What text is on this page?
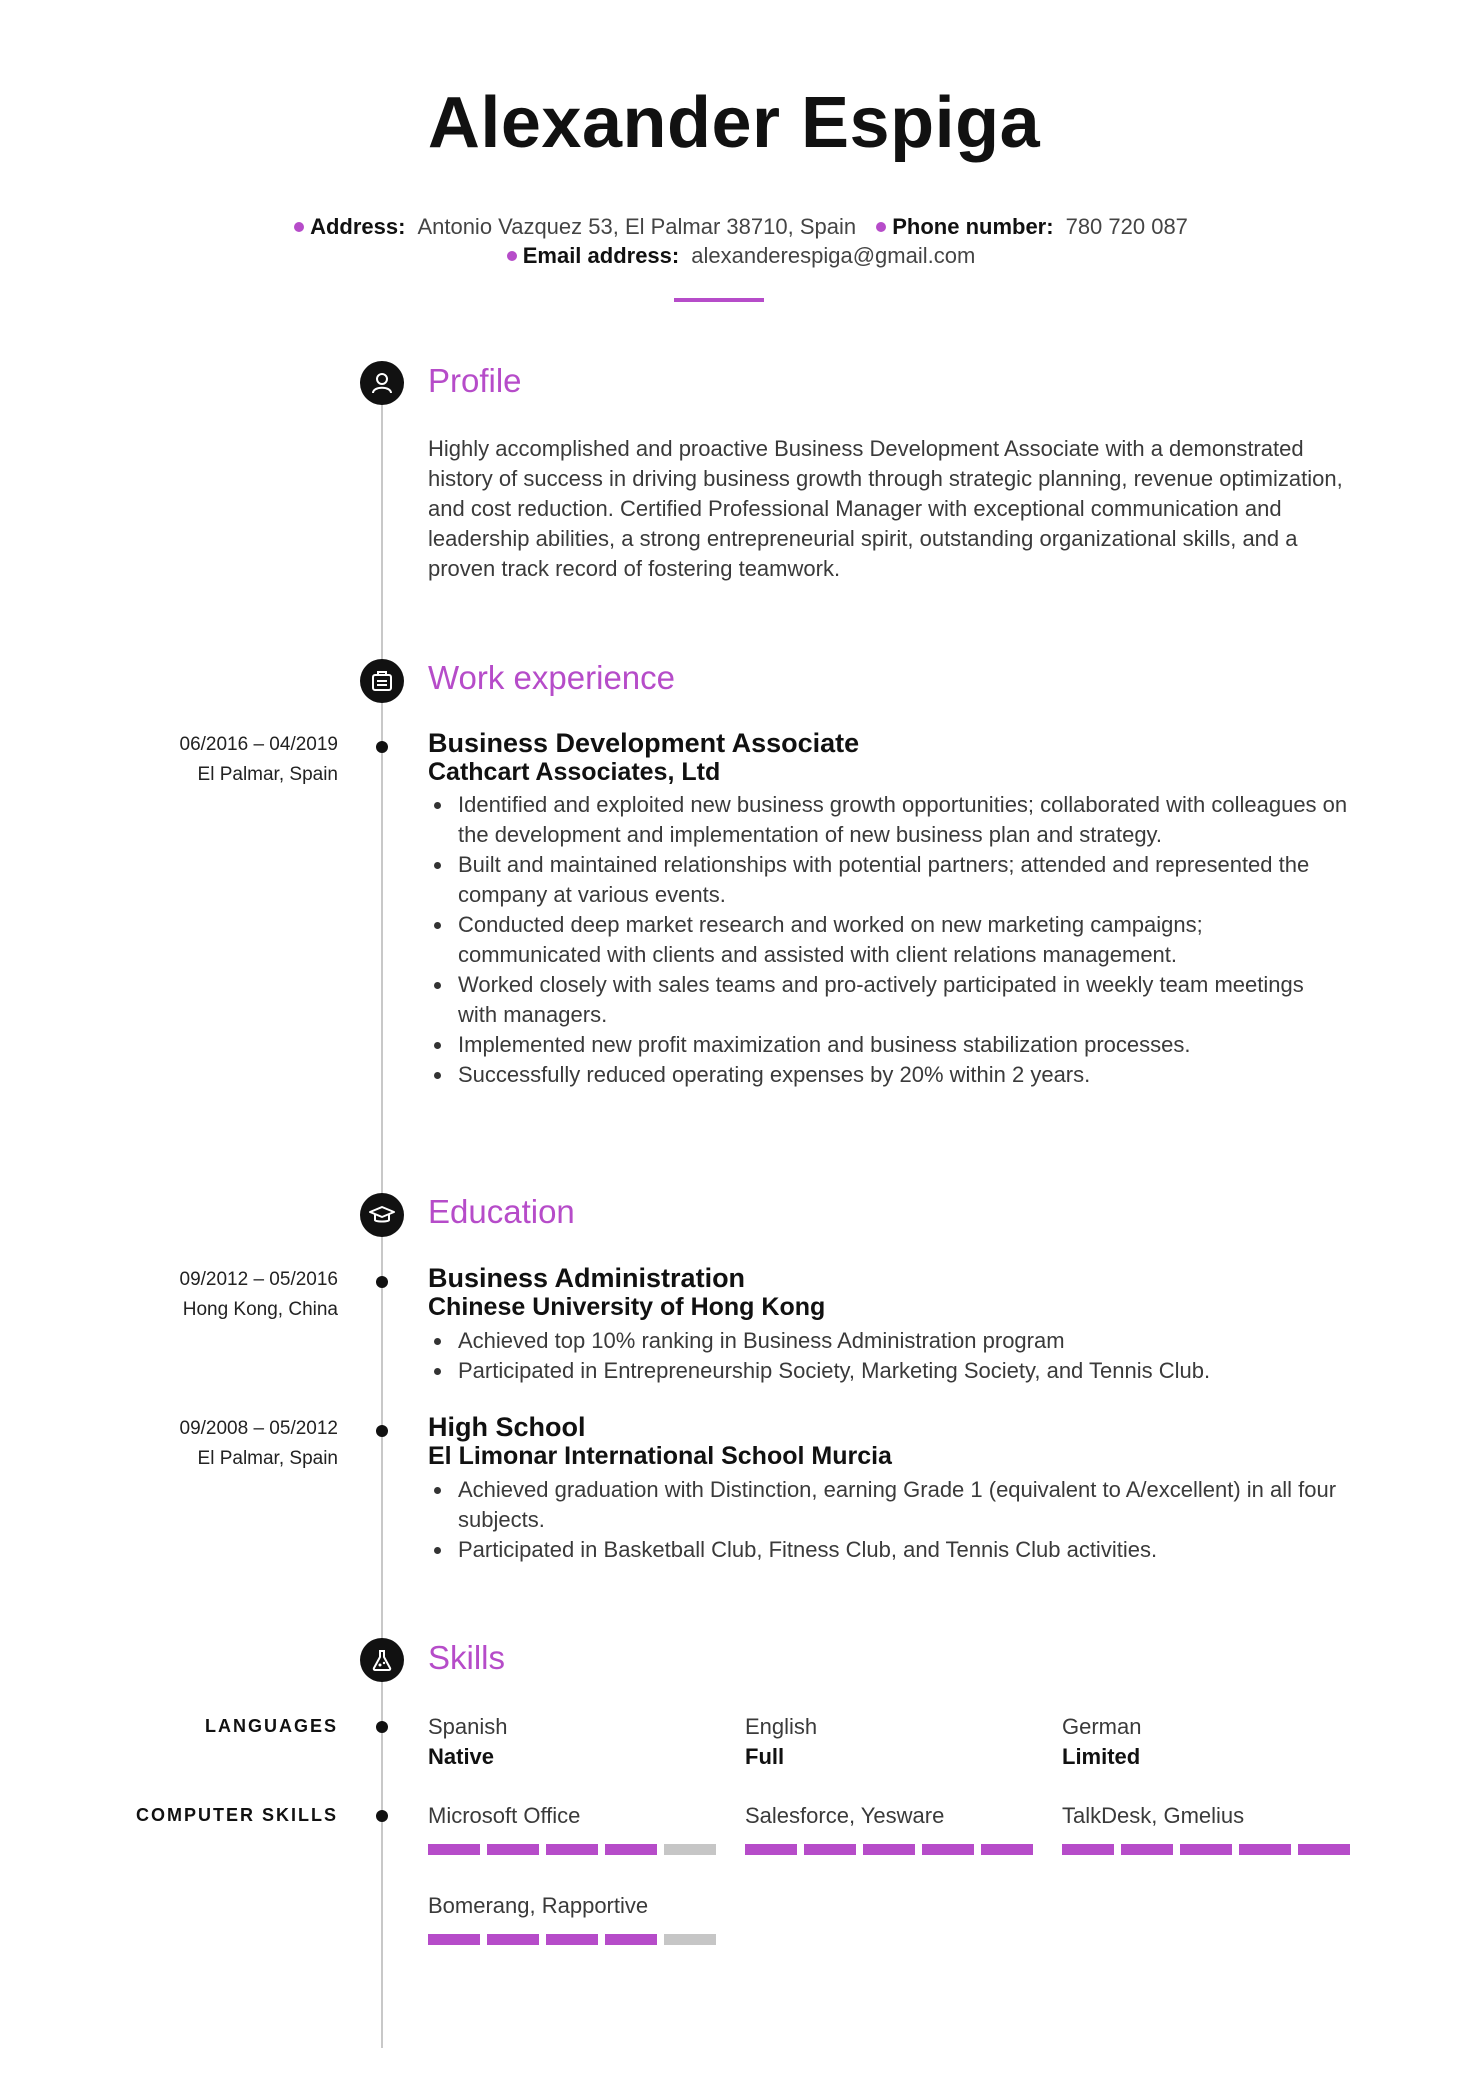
Alexander Espiga
Address: Antonio Vazquez 53, El Palmar 38710, Spain Phone number: 780 720 087
Email address: alexanderespiga@gmail.com
Profile
Highly accomplished and proactive Business Development Associate with a demonstrated history of success in driving business growth through strategic planning, revenue optimization, and cost reduction. Certified Professional Manager with exceptional communication and leadership abilities, a strong entrepreneurial spirit, outstanding organizational skills, and a proven track record of fostering teamwork.
Work experience
06/2016 – 04/2019
El Palmar, Spain
Business Development Associate
Cathcart Associates, Ltd
Identified and exploited new business growth opportunities; collaborated with colleagues on the development and implementation of new business plan and strategy.
Built and maintained relationships with potential partners; attended and represented the company at various events.
Conducted deep market research and worked on new marketing campaigns; communicated with clients and assisted with client relations management.
Worked closely with sales teams and pro-actively participated in weekly team meetings with managers.
Implemented new profit maximization and business stabilization processes.
Successfully reduced operating expenses by 20% within 2 years.
Education
09/2012 – 05/2016
Hong Kong, China
Business Administration
Chinese University of Hong Kong
Achieved top 10% ranking in Business Administration program
Participated in Entrepreneurship Society, Marketing Society, and Tennis Club.
09/2008 – 05/2012
El Palmar, Spain
High School
El Limonar International School Murcia
Achieved graduation with Distinction, earning Grade 1 (equivalent to A/excellent) in all four subjects.
Participated in Basketball Club, Fitness Club, and Tennis Club activities.
Skills
LANGUAGES	Spanish
Native
English
Full
German
Limited
COMPUTER SKILLS	Microsoft Office	Salesforce, Yesware	TalkDesk, Gmelius
Bomerang, Rapportive
